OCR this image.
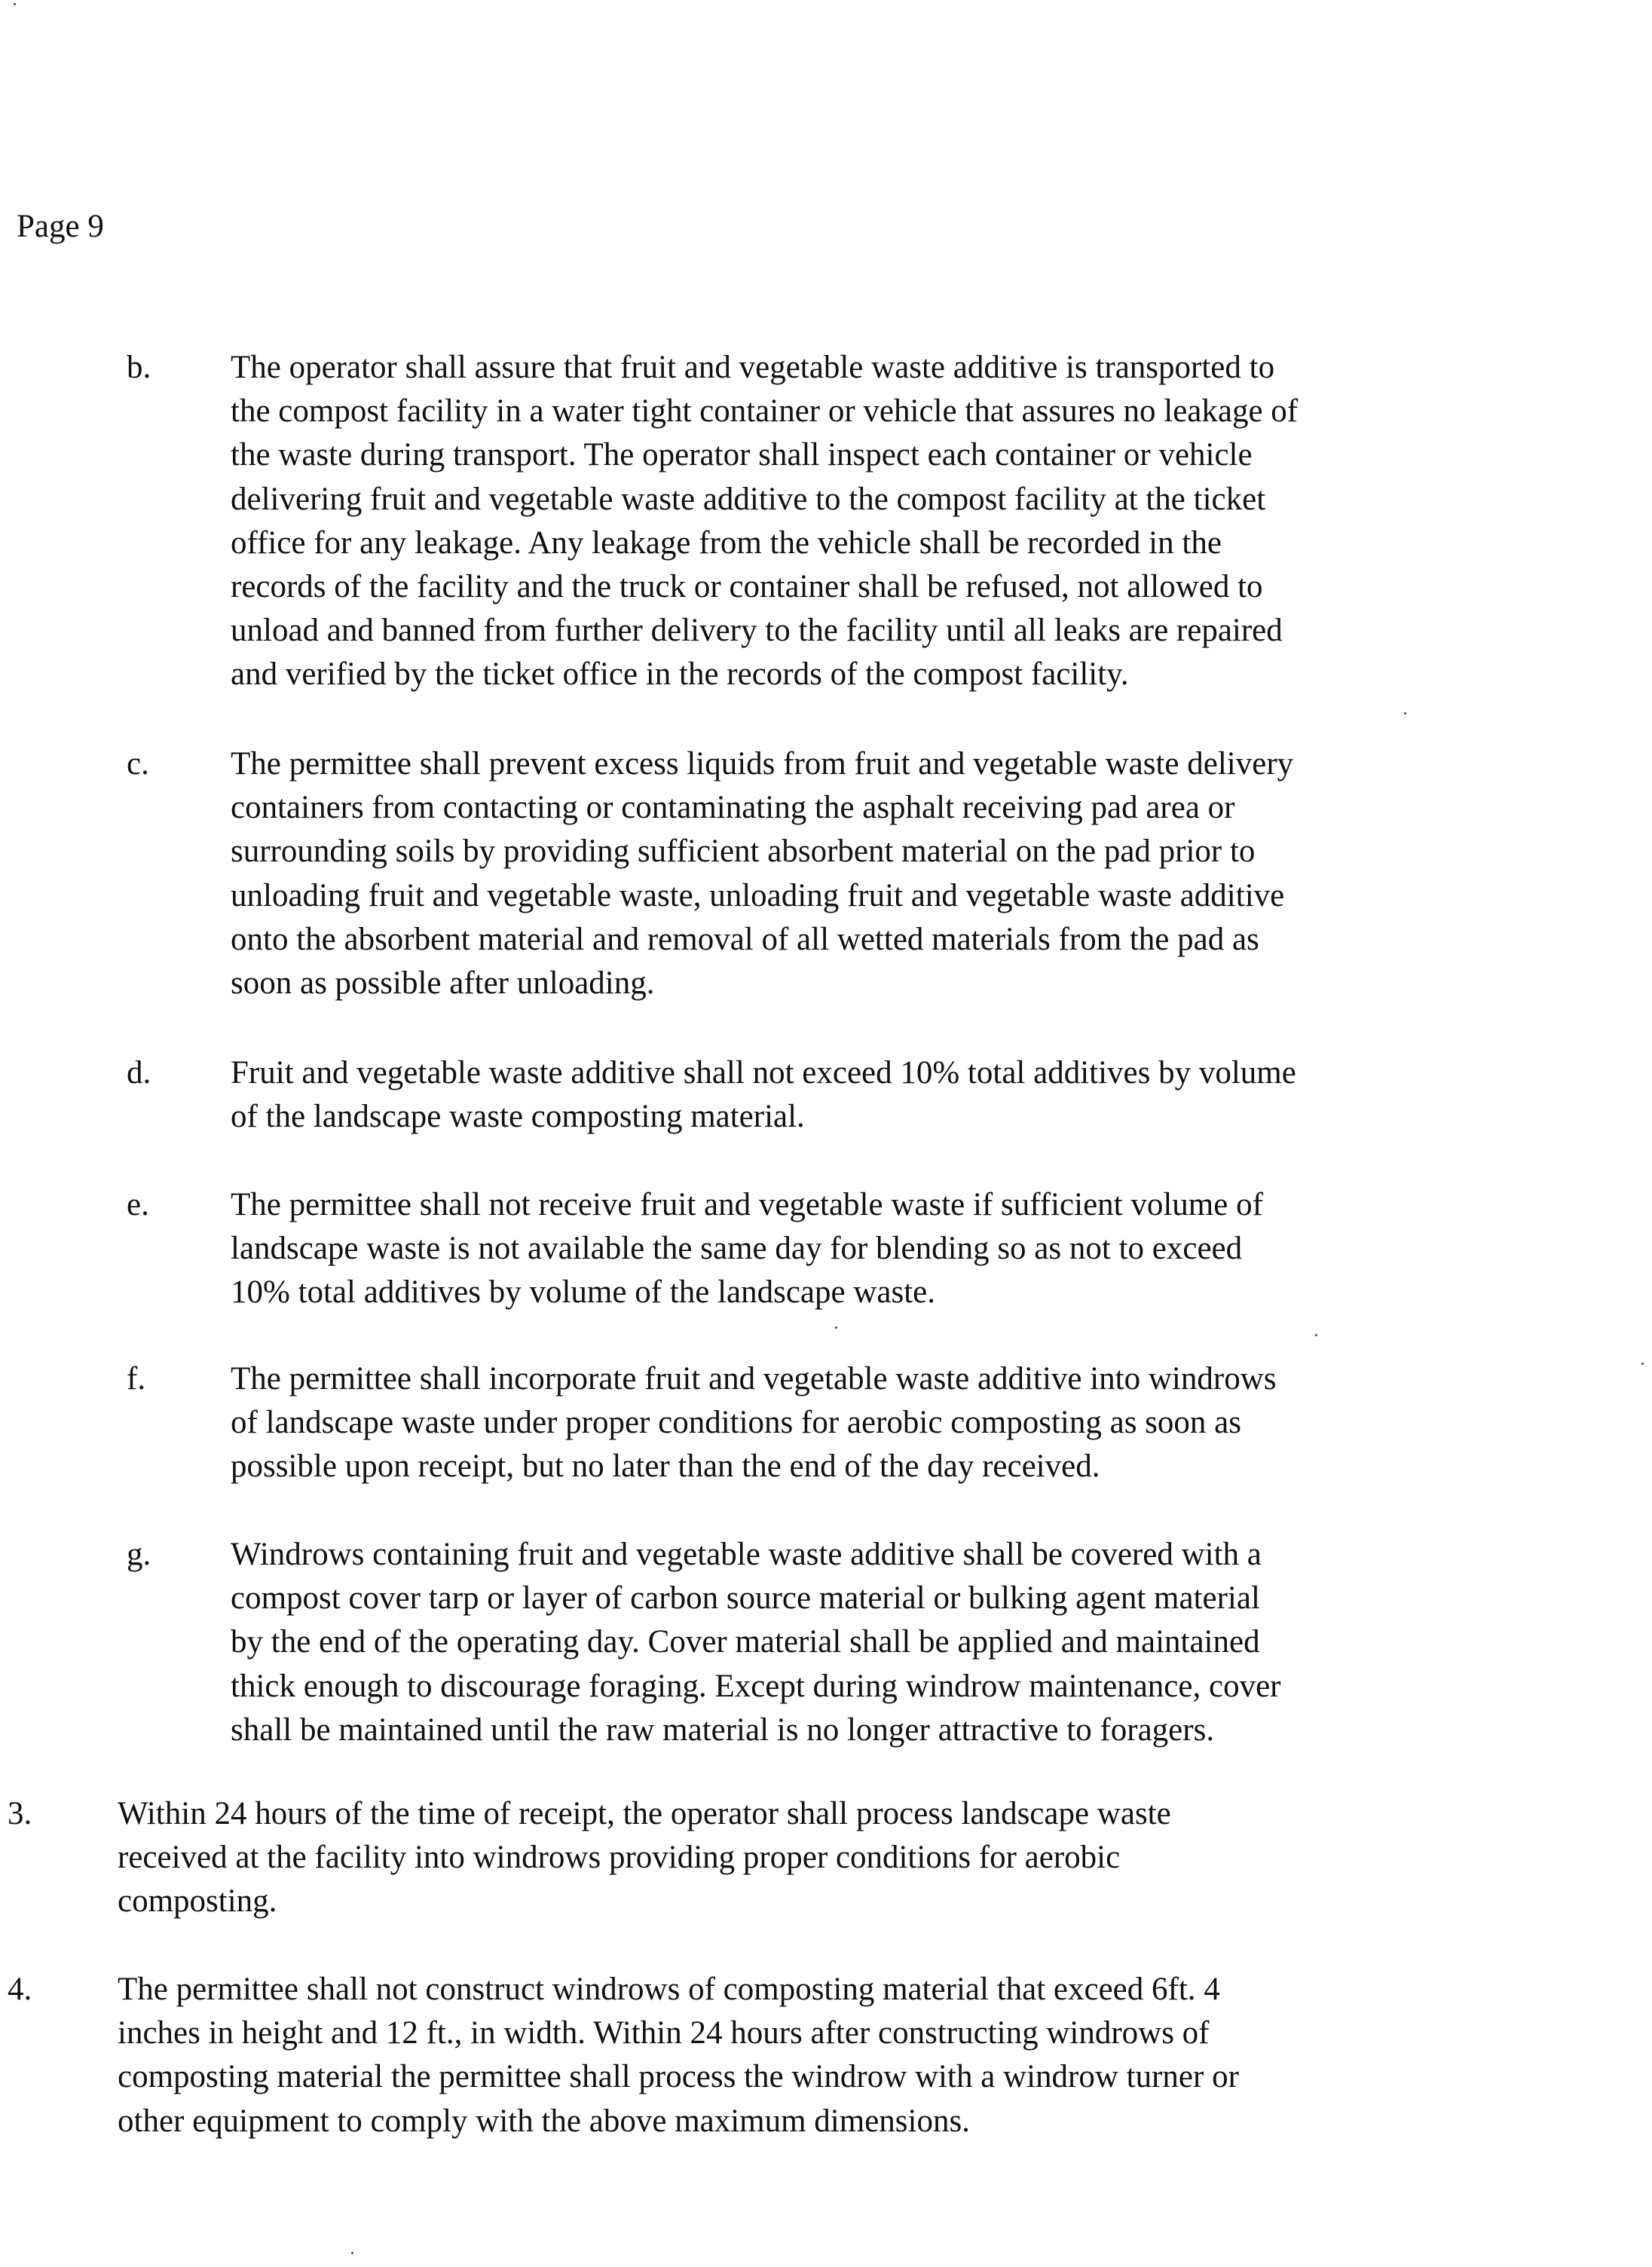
Page 9
b. The operator shall assure that fruit and vegetable waste additive is transported to
the compost facility in a water tight container or vehicle that assures no leakage of
the waste during transport. The operator shall inspect each container or vehicle
delivering fruit and vegetable waste additive to the compost facility at the ticket
office for any leakage. Any leakage from the vehicle shall be recorded in the
records of the facility and the truck or container shall be refused, not allowed to
unload and banned from further delivery to the facility until all leaks are repaired
and verified by the ticket office in the records of the compost facility.
c.	The permittee shall prevent excess liquids from fruit and vegetable waste delivery
containers from contacting or contaminating the asphalt receiving pad area or
surrounding soils by providing sufficient absorbent material on the pad prior to
unloading fruit and vegetable waste, unloading fruit and vegetable waste additive
onto the absorbent material and removal of all wetted materials from the pad as
soon as possible after unloading.
d. Fruit and vegetable waste additive shall not exceed 10% total additives by volume
of the landscape waste composting material.
e.	The permittee shall not receive fruit and vegetable waste if sufficient volume of
landscape waste is not available the same day for blending so as not to exceed
10% total additives by volume of the landscape waste.
f.	The permittee shall incorporate fruit and vegetable waste additive into windrows
of landscape waste under proper conditions for aerobic composting as soon as
possible upon receipt, but no later than the end of the day received.
g. Windrows containing fruit and vegetable waste additive shall be covered with a
compost cover tarp or layer of carbon source material or bulking agent material
by the end of the operating day. Cover material shall be applied and maintained
thick enough to discourage foraging. Except during windrow maintenance, cover
shall be maintained until the raw material is no longer attractive to foragers.
3.	Within 24 hours of the time of receipt, the operator shall process landscape waste
received at the facility into windrows providing proper conditions for aerobic
composting.
4.	The permittee shall not construct windrows of composting material that exceed 6ft. 4
inches in height and 12 ft., in width. Within 24 hours after constructing windrows of
composting material the permittee shall process the windrow with a windrow turner or
other equipment to comply with the above maximum dimensions.
